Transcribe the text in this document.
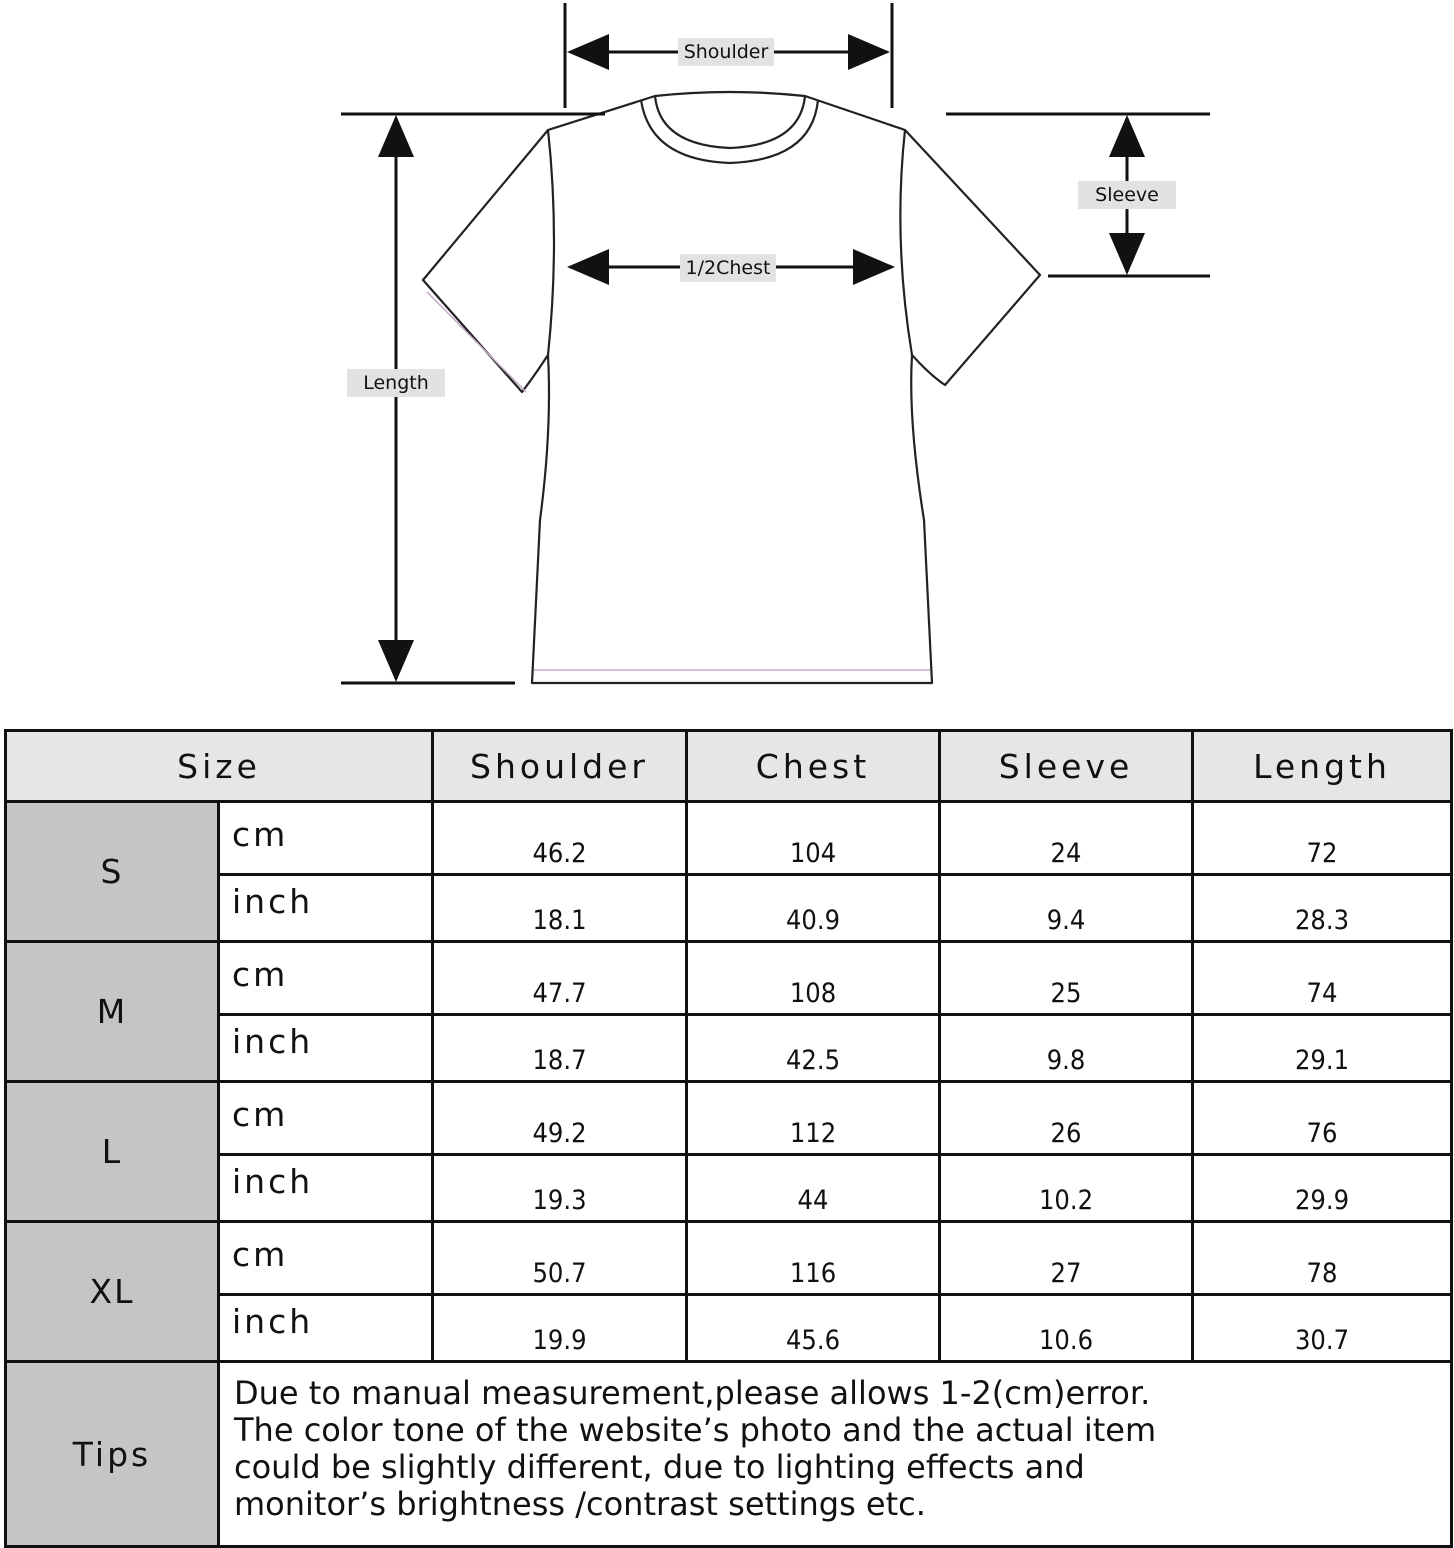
Shoulder
1/2Chest
Sleeve
Length
Size		Shoulder	Chest	Sleeve	Length
S	cm	46.2	104	24	72
	inch	18.1	40.9	9.4	28.3
M	cm	47.7	108	25	74
	inch	18.7	42.5	9.8	29.1
L	cm	49.2	112	26	76
	inch	19.3	44	10.2	29.9
XL	cm	50.7	116	27	78
	inch	19.9	45.6	10.6	30.7
Tips	Due to manual measurement,please allows 1-2(cm)error.
The color tone of the website’s photo and the actual item
could be slightly different, due to lighting effects and
monitor’s brightness /contrast settings etc.				
